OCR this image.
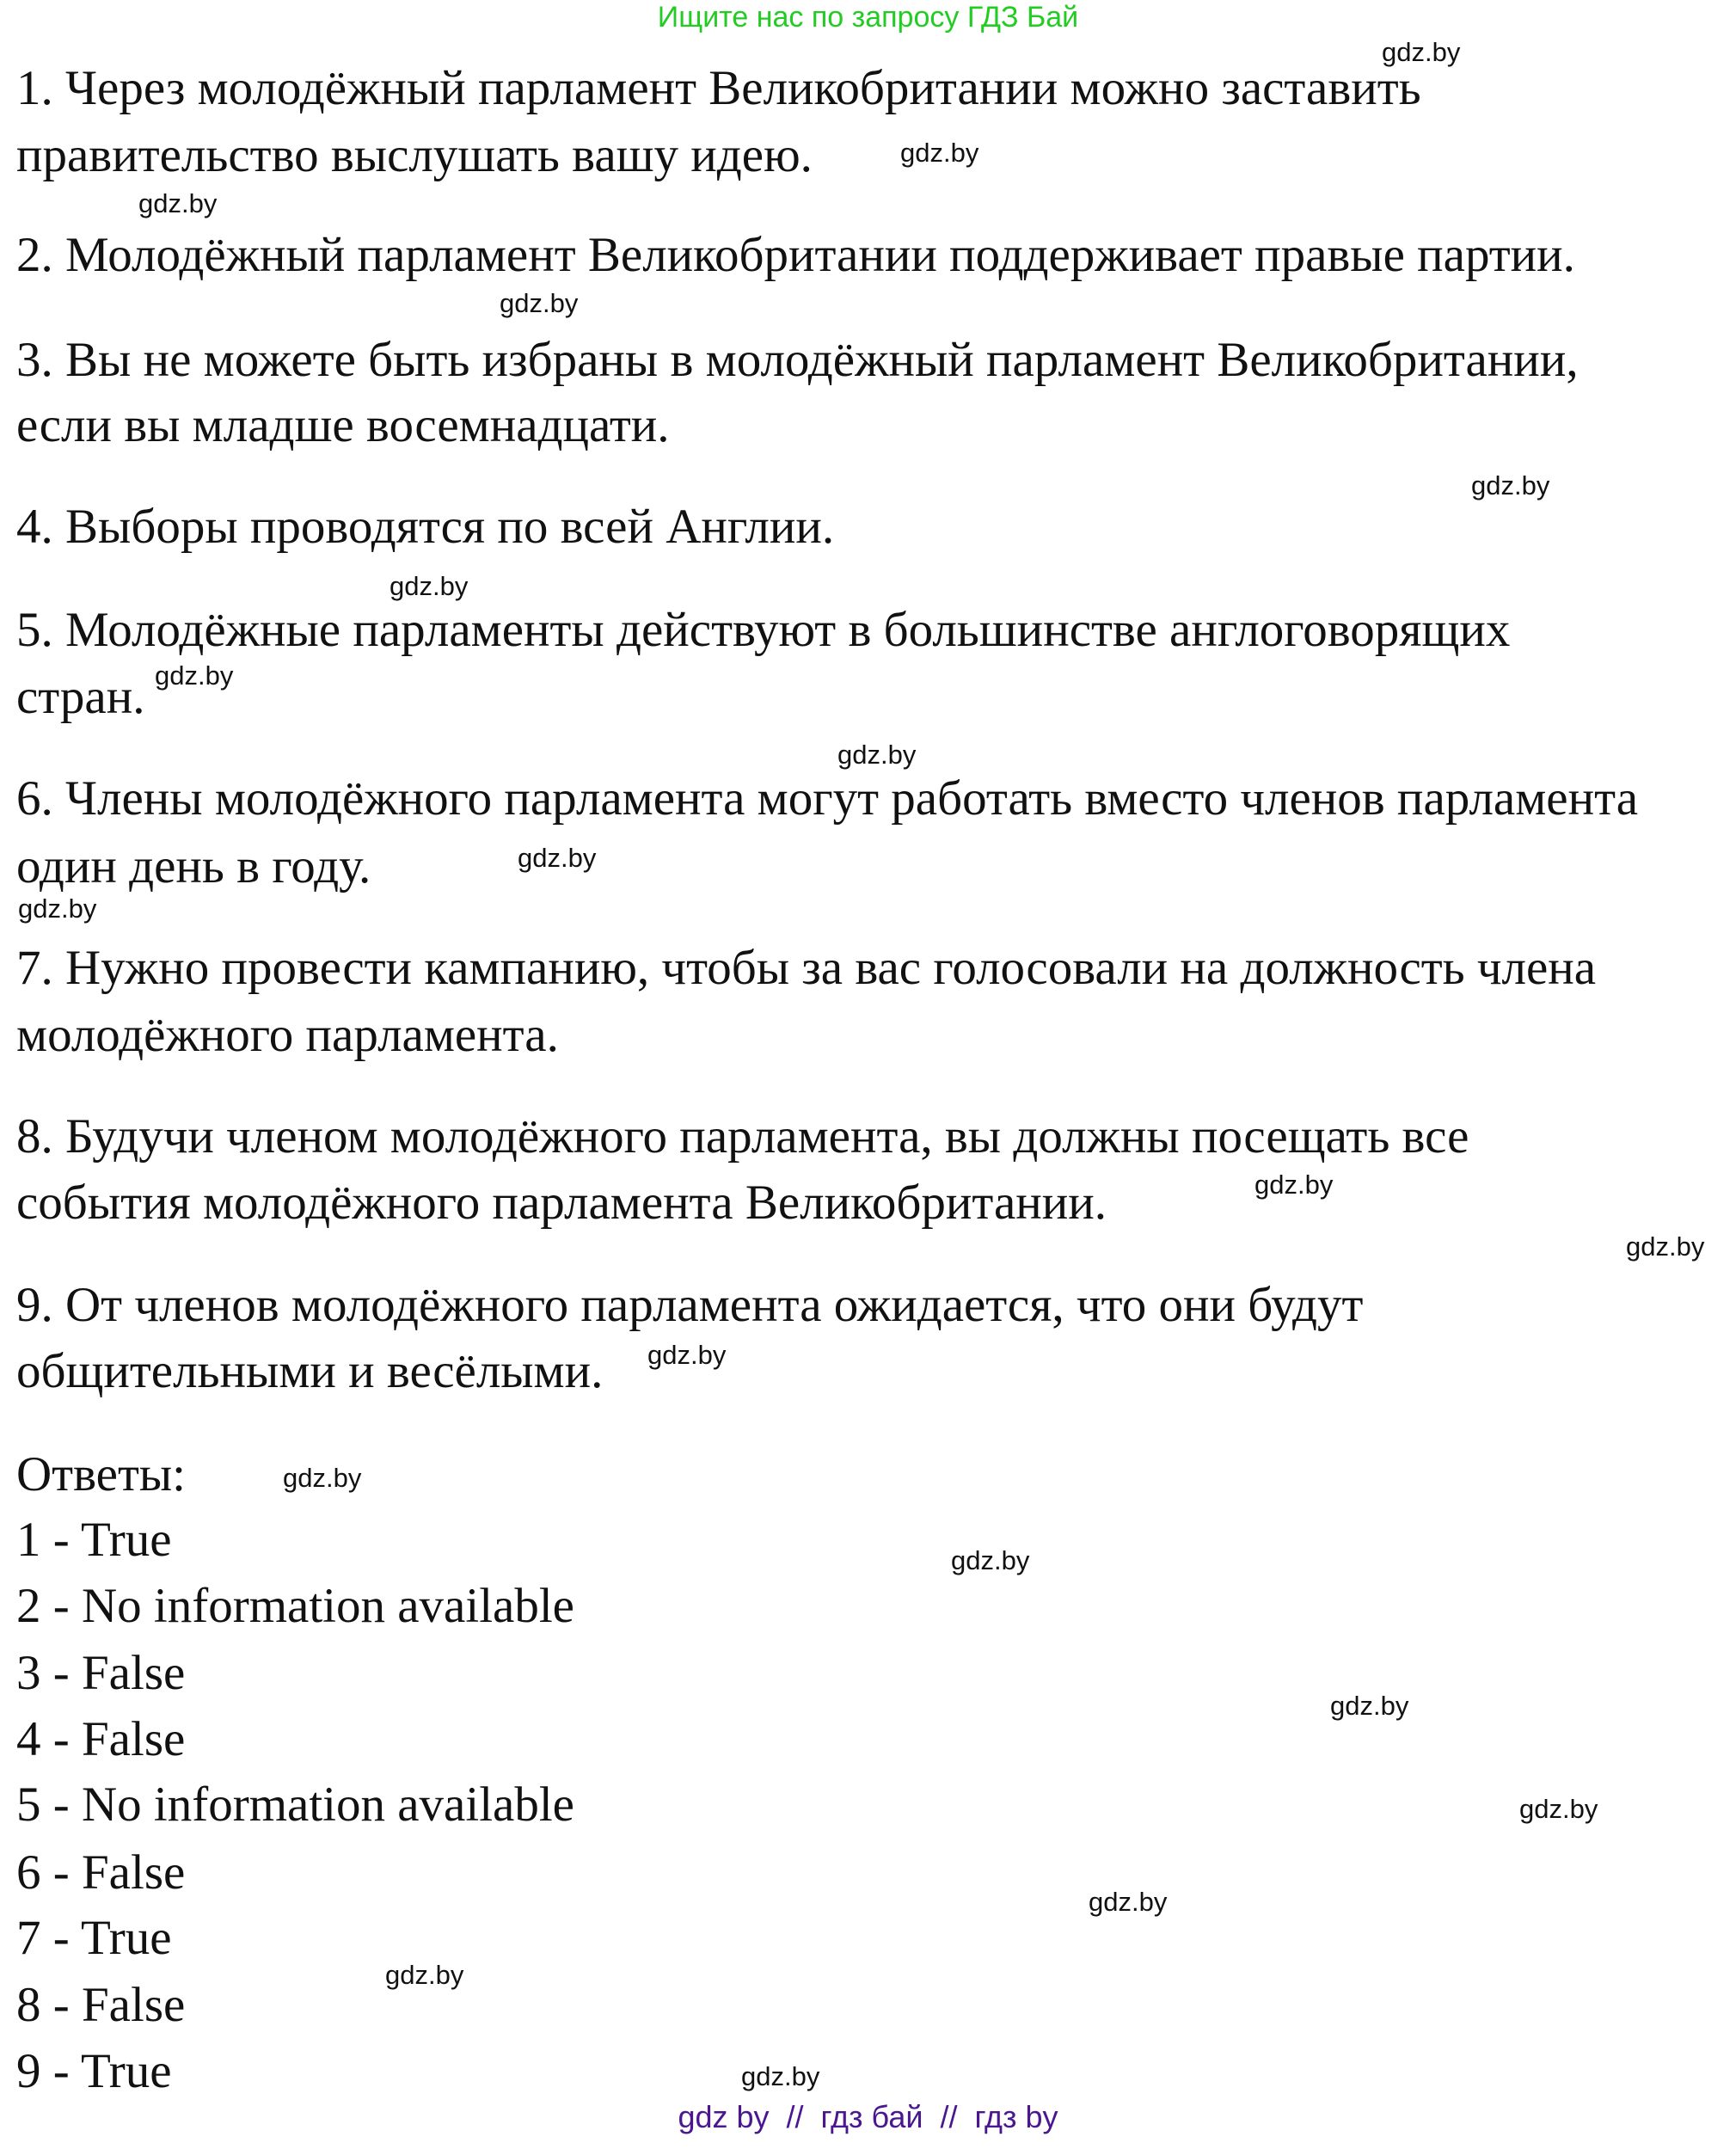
Ищите нас по запросу ГДЗ Бай
1. Через молодёжный парламент Великобритании можно заставить
правительство выслушать вашу идею.
2. Молодёжный парламент Великобритании поддерживает правые партии.
3. Вы не можете быть избраны в молодёжный парламент Великобритании,
если вы младше восемнадцати.
4. Выборы проводятся по всей Англии.
5. Молодёжные парламенты действуют в большинстве англоговорящих
стран.
6. Члены молодёжного парламента могут работать вместо членов парламента
один день в году.
7. Нужно провести кампанию, чтобы за вас голосовали на должность члена
молодёжного парламента.
8. Будучи членом молодёжного парламента, вы должны посещать все
события молодёжного парламента Великобритании.
9. От членов молодёжного парламента ожидается, что они будут
общительными и весёлыми.
Ответы:
1 - True
2 - No information available
3 - False
4 - False
5 - No information available
6 - False
7 - True
8 - False
9 - True
gdz.by
gdz.by
gdz.by
gdz.by
gdz.by
gdz.by
gdz.by
gdz.by
gdz.by
gdz.by
gdz.by
gdz.by
gdz.by
gdz.by
gdz.by
gdz.by
gdz.by
gdz.by
gdz.by
gdz.by
gdz by  //  гдз бай  //  гдз by
